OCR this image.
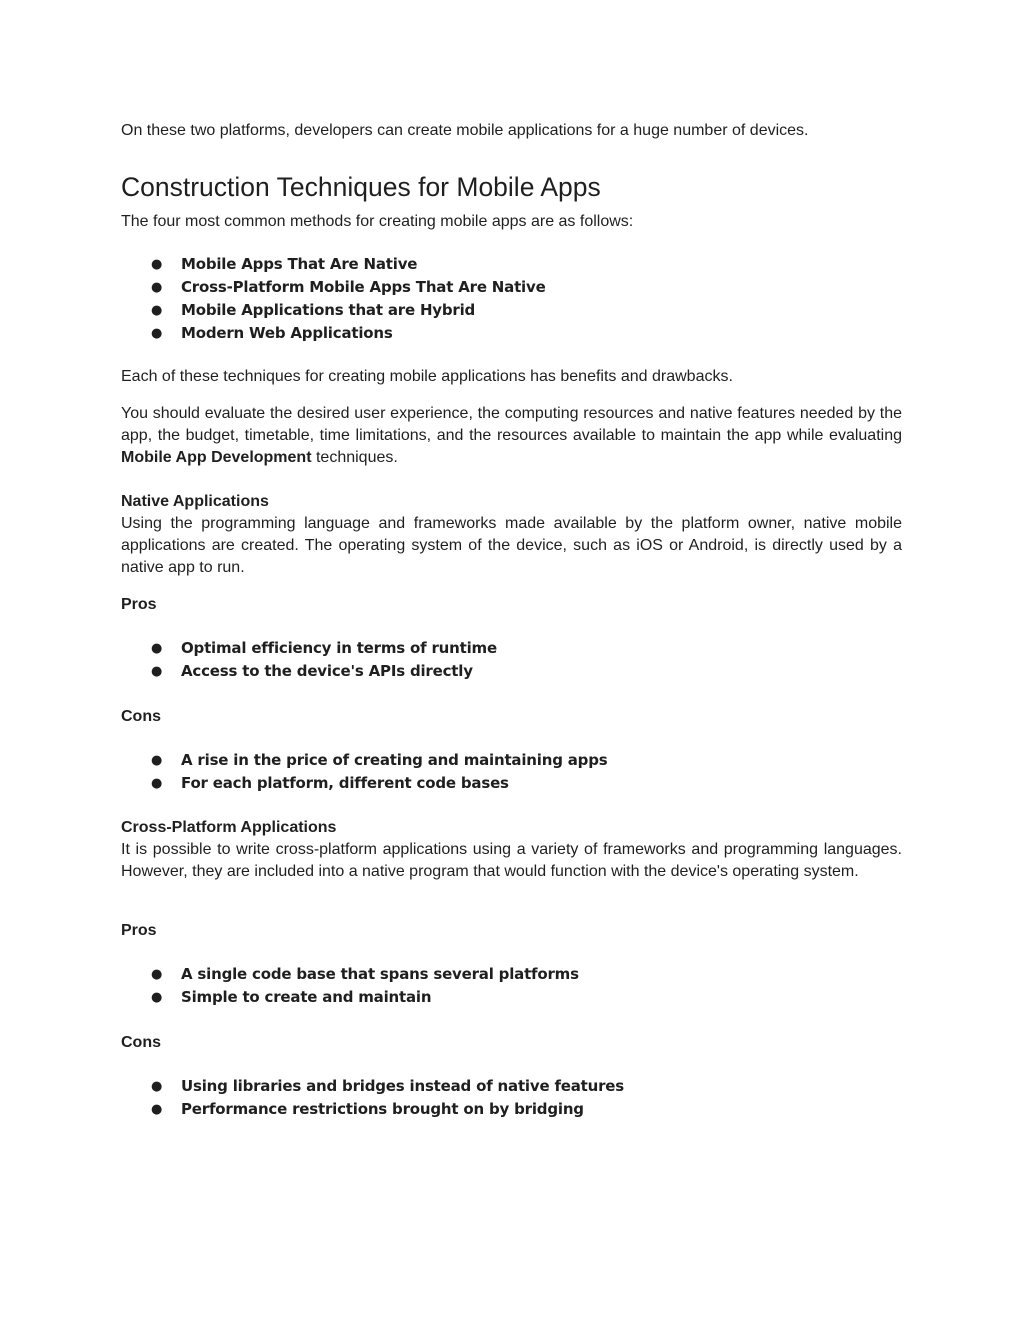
On these two platforms, developers can create mobile applications for a huge number of devices.

Construction Techniques for Mobile Apps

The four most common methods for creating mobile apps are as follows:

● Mobile Apps That Are Native
● Cross-Platform Mobile Apps That Are Native
● Mobile Applications that are Hybrid
● Modern Web Applications

Each of these techniques for creating mobile applications has benefits and drawbacks.

You should evaluate the desired user experience, the computing resources and native features needed by the app, the budget, timetable, time limitations, and the resources available to maintain the app while evaluating Mobile App Development techniques.

Native Applications

Using the programming language and frameworks made available by the platform owner, native mobile applications are created. The operating system of the device, such as iOS or Android, is directly used by a native app to run.

Pros

● Optimal efficiency in terms of runtime
● Access to the device's APIs directly

Cons

● A rise in the price of creating and maintaining apps
● For each platform, different code bases

Cross-Platform Applications

It is possible to write cross-platform applications using a variety of frameworks and programming languages. However, they are included into a native program that would function with the device's operating system.

Pros

● A single code base that spans several platforms
● Simple to create and maintain

Cons

● Using libraries and bridges instead of native features
● Performance restrictions brought on by bridging
